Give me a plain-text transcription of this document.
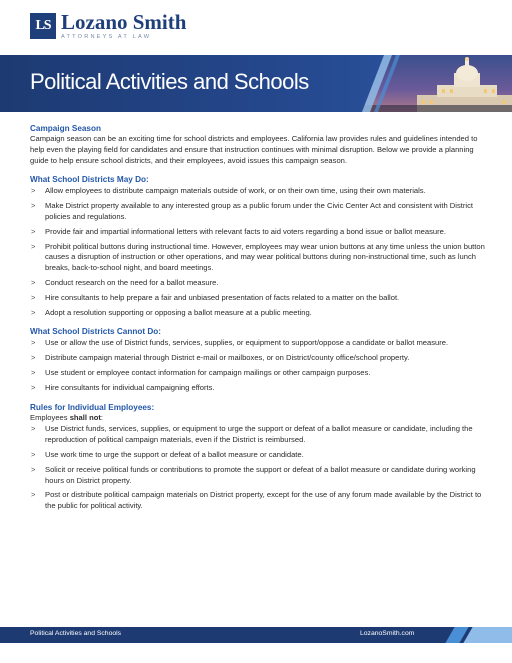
LS Lozano Smith
ATTORNEYS AT LAW
Political Activities and Schools

Campaign Season

Campaign season can be an exciting time for school districts and employees. California law provides rules and guidelines intended to help even the playing field for candidates and ensure that instruction continues with minimal disruption. Below we provide a planning guide to help ensure school districts, and their employees, avoid issues this campaign season.

What School Districts May Do:

> Allow employees to distribute campaign materials outside of work, or on their own time, using their own materials.
> Make District property available to any interested group as a public forum under the Civic Center Act and consistent with District policies and regulations.
> Provide fair and impartial informational letters with relevant facts to aid voters regarding a bond issue or ballot measure.
> Prohibit political buttons during instructional time. However, employees may wear union buttons at any time unless the union button causes a disruption of instruction or other operations, and may wear political buttons during non-instructional time, such as lunch breaks, back-to-school night, and board meetings.
> Conduct research on the need for a ballot measure.
> Hire consultants to help prepare a fair and unbiased presentation of facts related to a matter on the ballot.
> Adopt a resolution supporting or opposing a ballot measure at a public meeting.

What School Districts Cannot Do:

> Use or allow the use of District funds, services, supplies, or equipment to support/oppose a candidate or ballot measure.
> Distribute campaign material through District e-mail or mailboxes, or on District/county office/school property.
> Use student or employee contact information for campaign mailings or other campaign purposes.
> Hire consultants for individual campaigning efforts.

Rules for Individual Employees:

Employees shall not:

> Use District funds, services, supplies, or equipment to urge the support or defeat of a ballot measure or candidate, including the reproduction of political campaign materials, even if the District is reimbursed.
> Use work time to urge the support or defeat of a ballot measure or candidate.
> Solicit or receive political funds or contributions to promote the support or defeat of a ballot measure or candidate during working hours on District property.
> Post or distribute political campaign materials on District property, except for the use of any forum made available by the District to the public for political activity.
Political Activities and Schools	LozanoSmith.com
